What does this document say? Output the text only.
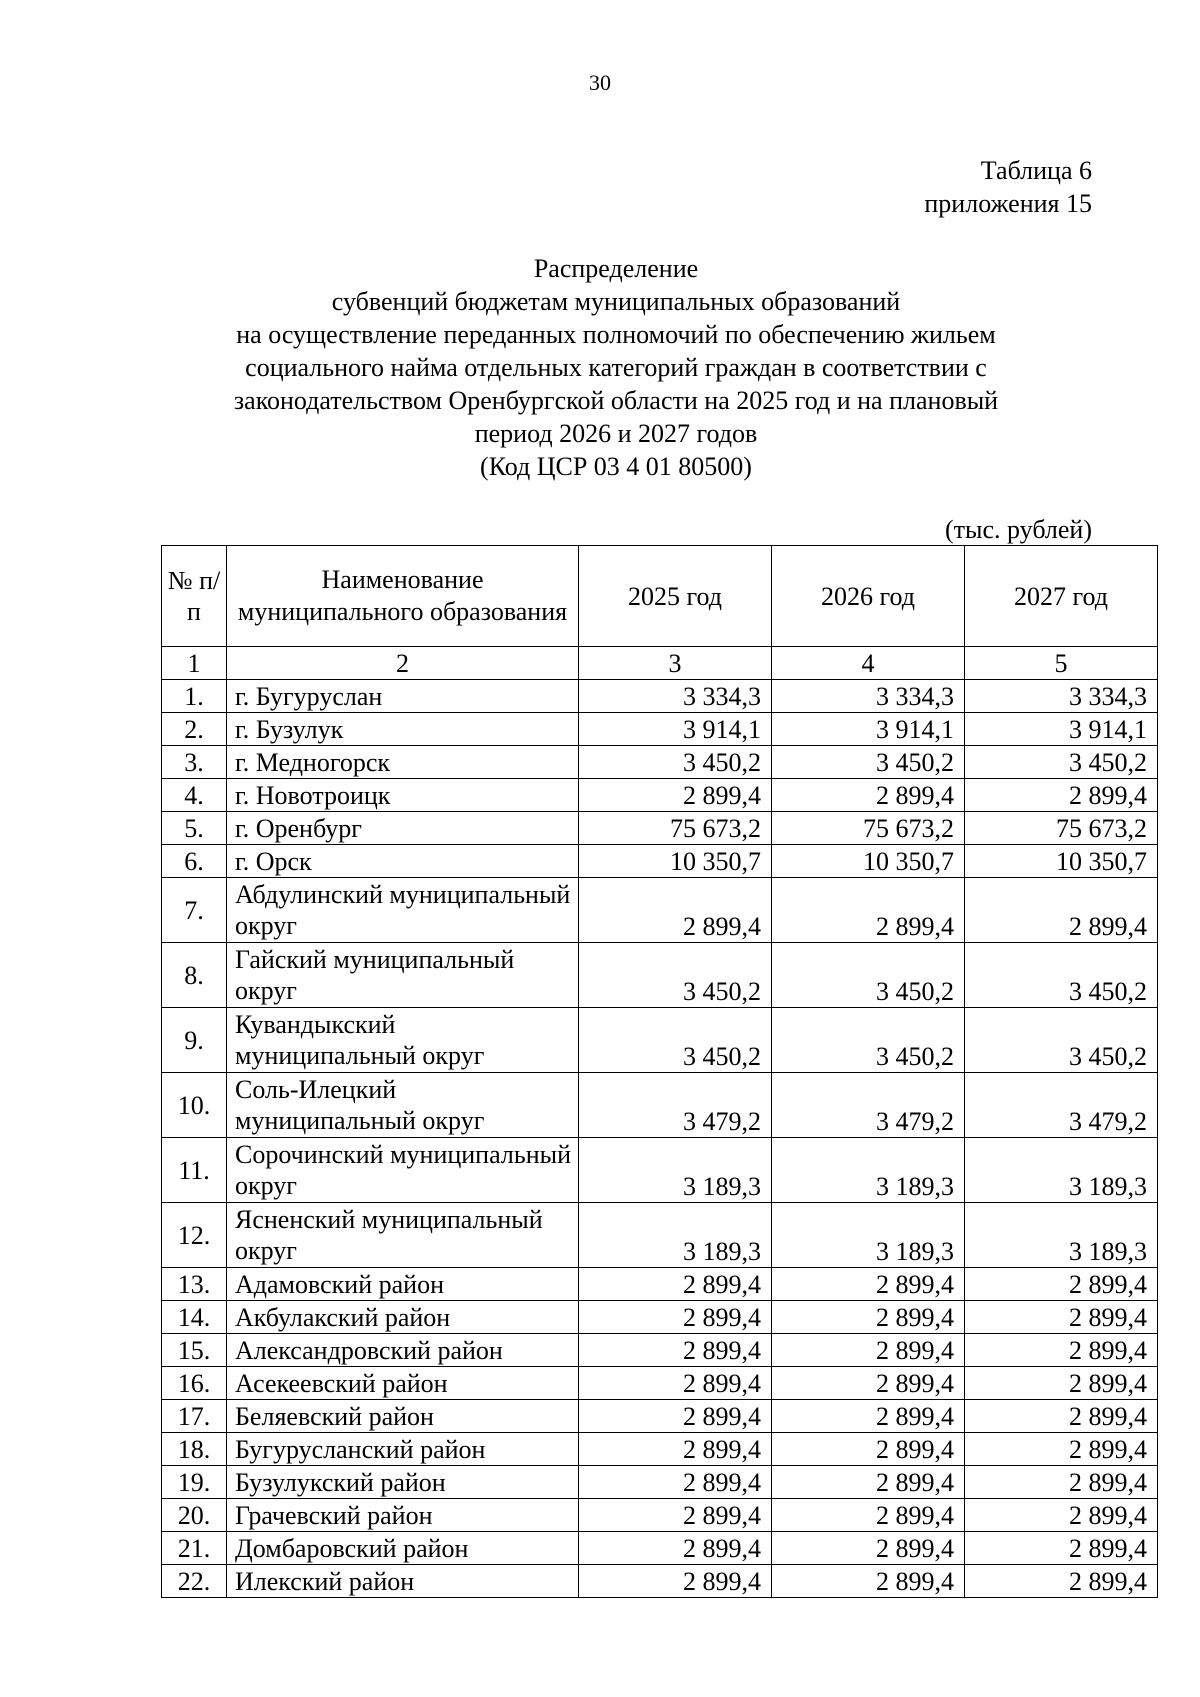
30
Таблица 6
приложения 15
Распределение
субвенций бюджетам муниципальных образований
на осуществление переданных полномочий по обеспечению жильем
социального найма отдельных категорий граждан в соответствии с
законодательством Оренбургской области на 2025 год и на плановый
период 2026 и 2027 годов
(Код ЦСР 03 4 01 80500)
(тыс. рублей)
№ п/п	Наименование муниципального образования	2025 год	2026 год	2027 год
1	2	3	4	5
1.	г. Бугуруслан	3 334,3	3 334,3	3 334,3
2.	г. Бузулук	3 914,1	3 914,1	3 914,1
3.	г. Медногорск	3 450,2	3 450,2	3 450,2
4.	г. Новотроицк	2 899,4	2 899,4	2 899,4
5.	г. Оренбург	75 673,2	75 673,2	75 673,2
6.	г. Орск	10 350,7	10 350,7	10 350,7
7.	Абдулинский муниципальный округ	2 899,4	2 899,4	2 899,4
8.	Гайский муниципальный округ	3 450,2	3 450,2	3 450,2
9.	Кувандыкский муниципальный округ	3 450,2	3 450,2	3 450,2
10.	Соль-Илецкий муниципальный округ	3 479,2	3 479,2	3 479,2
11.	Сорочинский муниципальный округ	3 189,3	3 189,3	3 189,3
12.	Ясненский муниципальный округ	3 189,3	3 189,3	3 189,3
13.	Адамовский район	2 899,4	2 899,4	2 899,4
14.	Акбулакский район	2 899,4	2 899,4	2 899,4
15.	Александровский район	2 899,4	2 899,4	2 899,4
16.	Асекеевский район	2 899,4	2 899,4	2 899,4
17.	Беляевский район	2 899,4	2 899,4	2 899,4
18.	Бугурусланский район	2 899,4	2 899,4	2 899,4
19.	Бузулукский район	2 899,4	2 899,4	2 899,4
20.	Грачевский район	2 899,4	2 899,4	2 899,4
21.	Домбаровский район	2 899,4	2 899,4	2 899,4
22.	Илекский район	2 899,4	2 899,4	2 899,4
